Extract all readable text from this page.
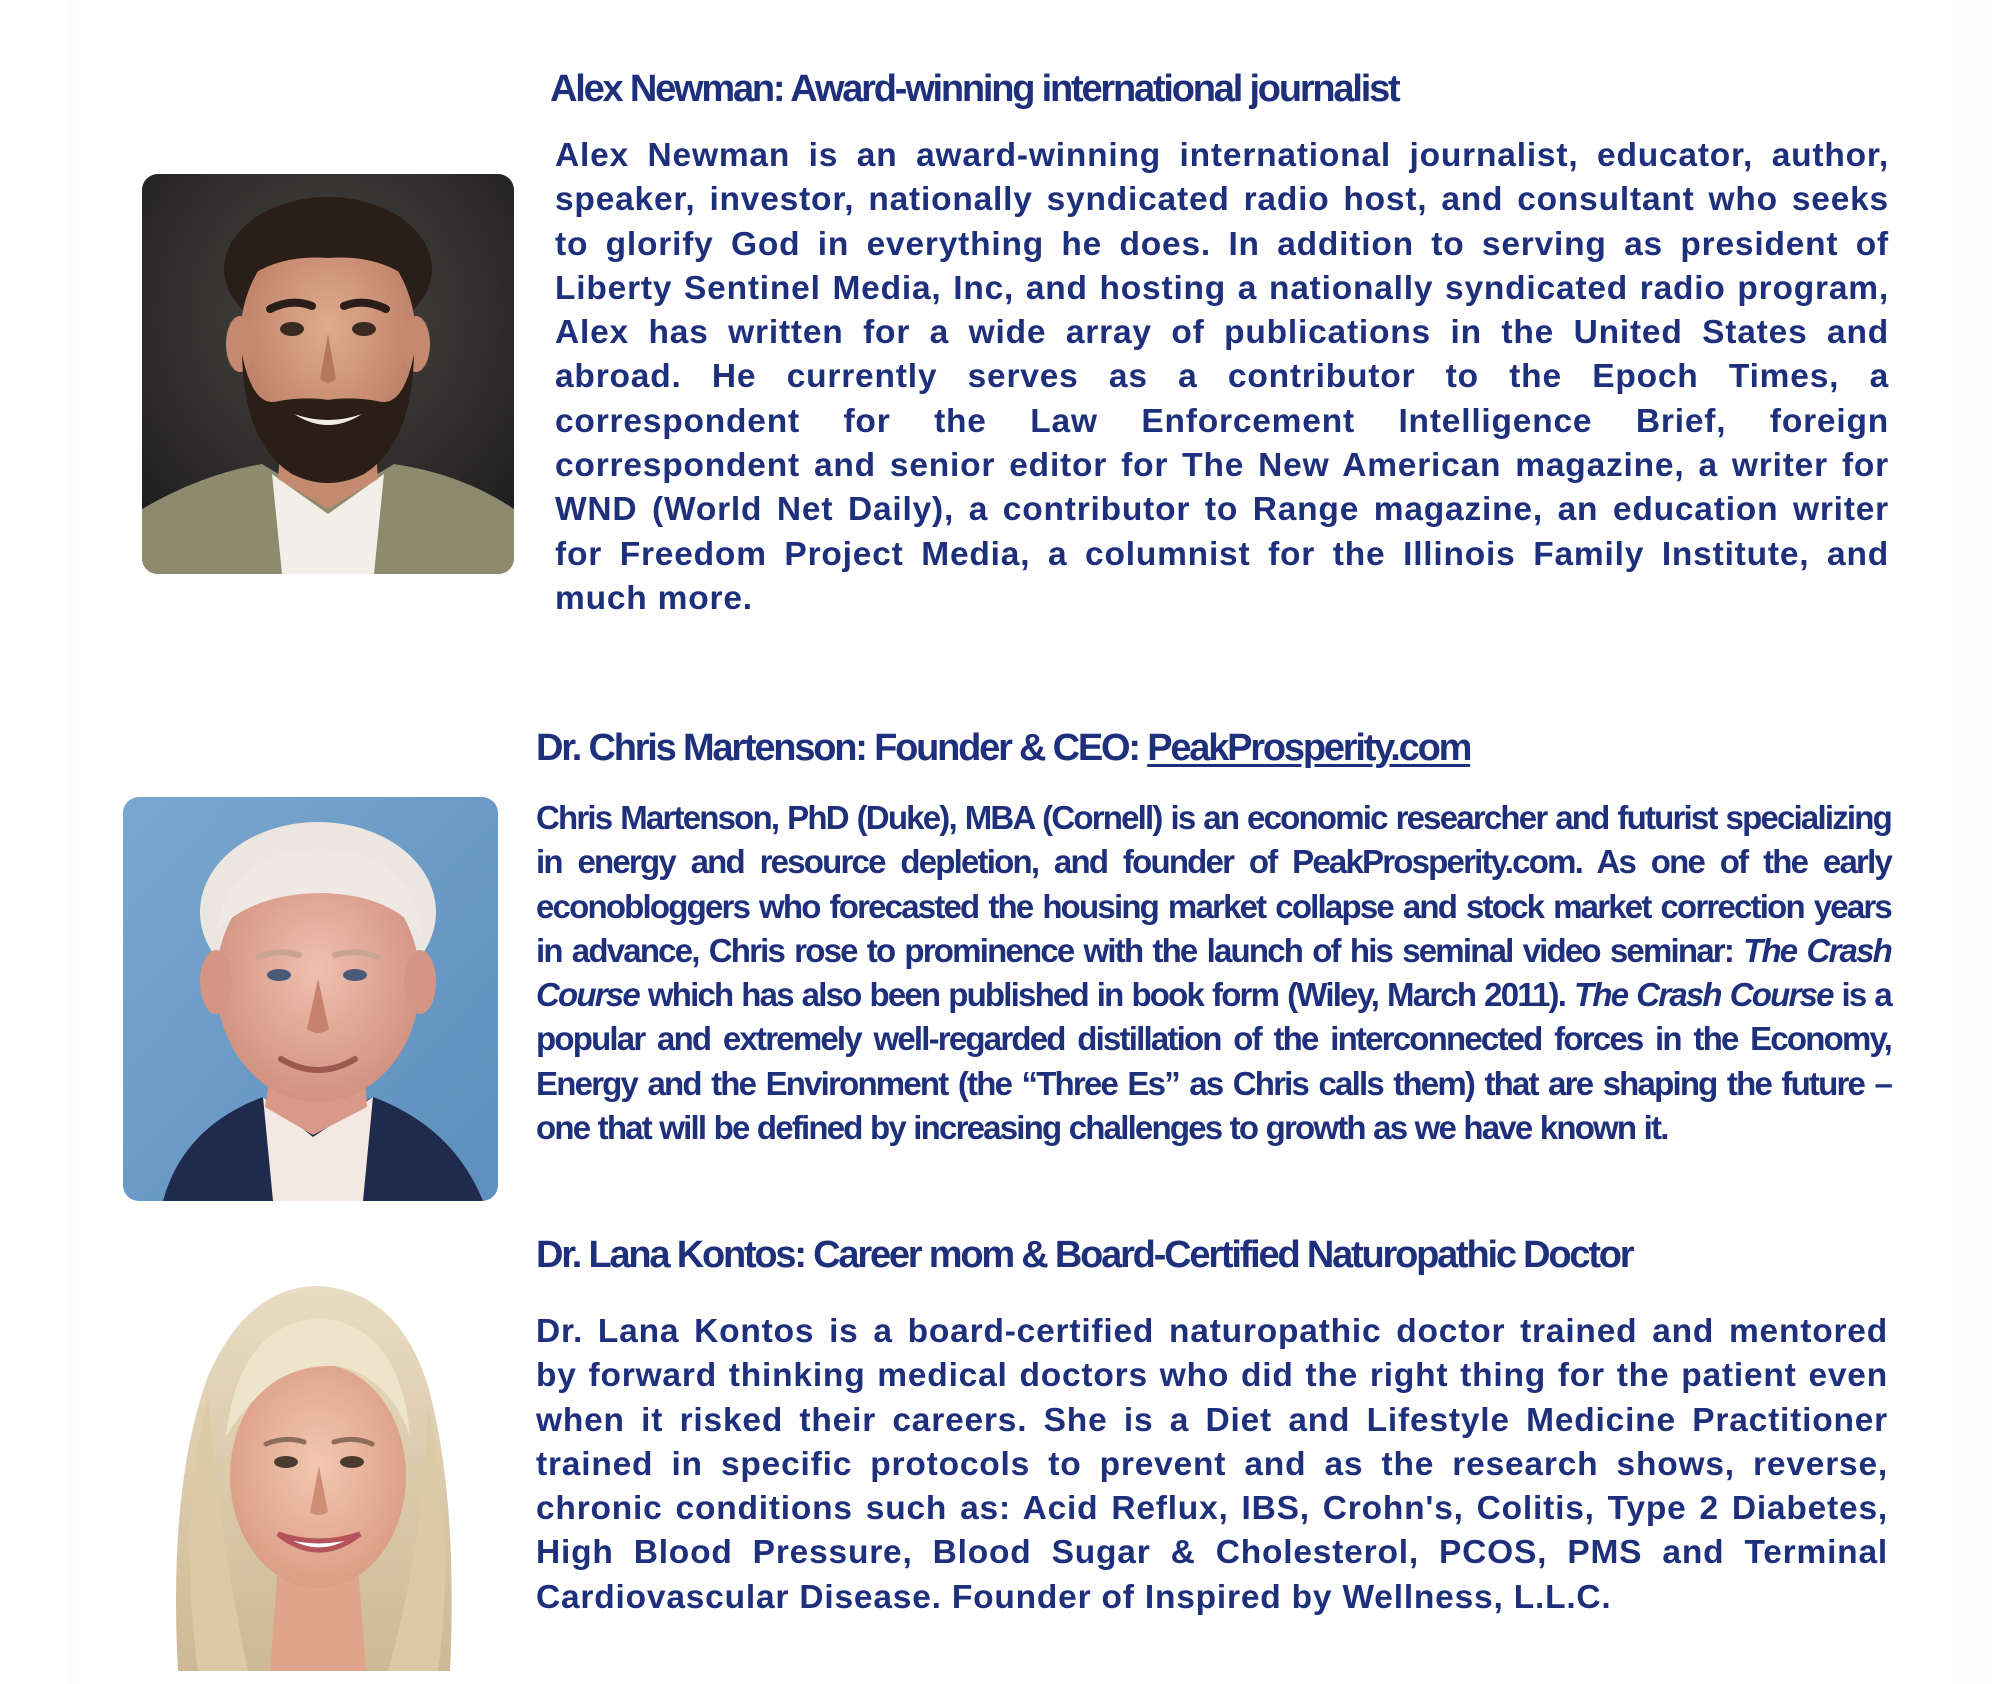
Alex Newman: Award-winning international journalist

Alex Newman is an award-winning international journalist, educator, author, speaker, investor, nationally syndicated radio host, and consultant who seeks to glorify God in everything he does. In addition to serving as president of Liberty Sentinel Media, Inc, and hosting a nationally syndicated radio program, Alex has written for a wide array of publications in the United States and abroad. He currently serves as a contributor to the Epoch Times, a correspondent for the Law Enforcement Intelligence Brief, foreign correspondent and senior editor for The New American magazine, a writer for WND (World Net Daily), a contributor to Range magazine, an education writer for Freedom Project Media, a columnist for the Illinois Family Institute, and much more.

Dr. Chris Martenson: Founder & CEO: PeakProsperity.com

Chris Martenson, PhD (Duke), MBA (Cornell) is an economic researcher and futurist specializing in energy and resource depletion, and founder of PeakProsperity.com. As one of the early econobloggers who forecasted the housing market collapse and stock market correction years in advance, Chris rose to prominence with the launch of his seminal video seminar: The Crash Course which has also been published in book form (Wiley, March 2011). The Crash Course is a popular and extremely well-regarded distillation of the interconnected forces in the Economy, Energy and the Environment (the “Three Es” as Chris calls them) that are shaping the future – one that will be defined by increasing challenges to growth as we have known it.

Dr. Lana Kontos: Career mom & Board-Certified Naturopathic Doctor

Dr. Lana Kontos is a board-certified naturopathic doctor trained and mentored by forward thinking medical doctors who did the right thing for the patient even when it risked their careers. She is a Diet and Lifestyle Medicine Practitioner trained in specific protocols to prevent and as the research shows, reverse, chronic conditions such as: Acid Reflux, IBS, Crohn's, Colitis, Type 2 Diabetes, High Blood Pressure, Blood Sugar & Cholesterol, PCOS, PMS and Terminal Cardiovascular Disease. Founder of Inspired by Wellness, L.L.C.
